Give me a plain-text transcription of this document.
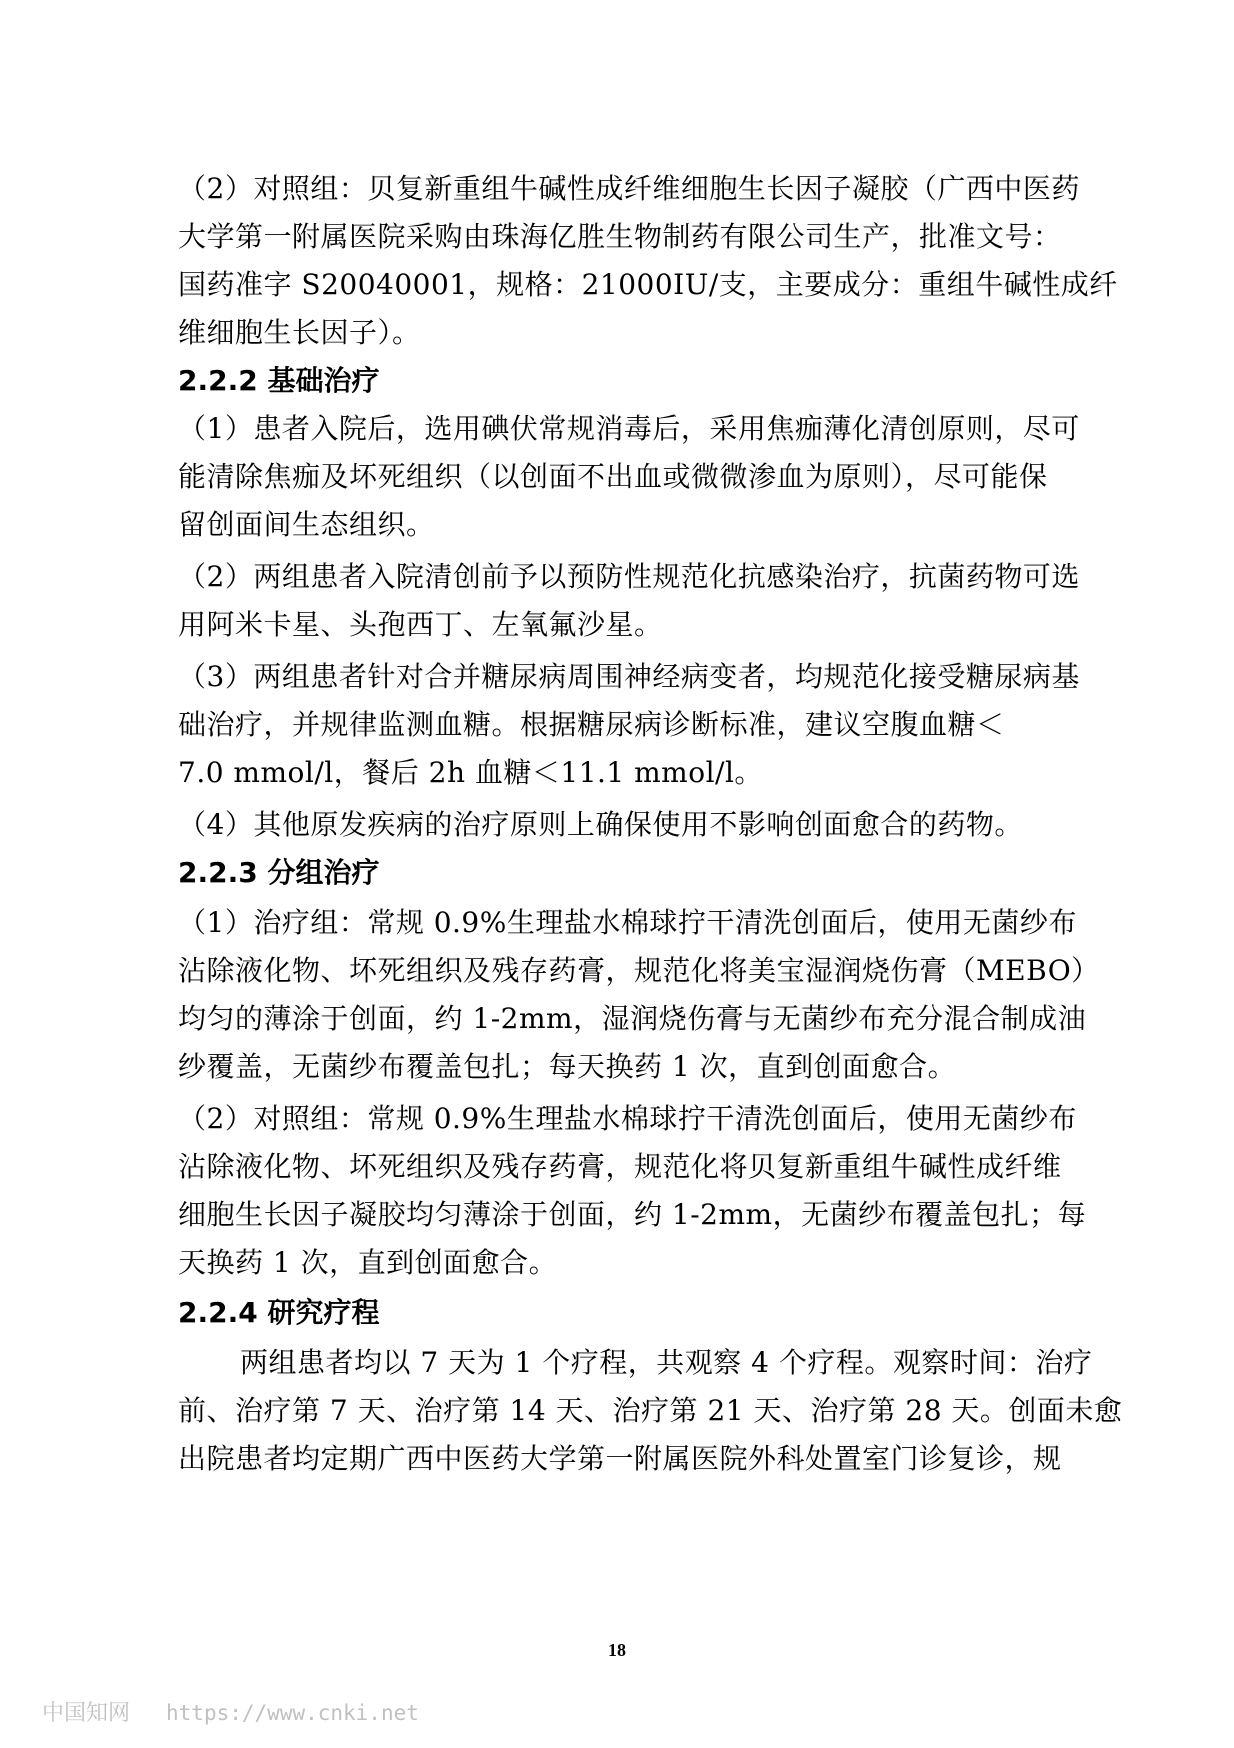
（2）对照组：贝复新重组牛碱性成纤维细胞生长因子凝胶（广西中医药
大学第一附属医院采购由珠海亿胜生物制药有限公司生产，批准文号：
国药准字 S20040001，规格：21000IU/支，主要成分：重组牛碱性成纤
维细胞生长因子）。
2.2.2 基础治疗
（1）患者入院后，选用碘伏常规消毒后，采用焦痂薄化清创原则，尽可
能清除焦痂及坏死组织（以创面不出血或微微渗血为原则），尽可能保
留创面间生态组织。
（2）两组患者入院清创前予以预防性规范化抗感染治疗，抗菌药物可选
用阿米卡星、头孢西丁、左氧氟沙星。
（3）两组患者针对合并糖尿病周围神经病变者，均规范化接受糖尿病基
础治疗，并规律监测血糖。根据糖尿病诊断标准，建议空腹血糖＜
7.0 mmol/l，餐后 2h 血糖＜11.1 mmol/l。
（4）其他原发疾病的治疗原则上确保使用不影响创面愈合的药物。
2.2.3 分组治疗
（1）治疗组：常规 0.9%生理盐水棉球拧干清洗创面后，使用无菌纱布
沾除液化物、坏死组织及残存药膏，规范化将美宝湿润烧伤膏（MEBO）
均匀的薄涂于创面，约 1-2mm，湿润烧伤膏与无菌纱布充分混合制成油
纱覆盖，无菌纱布覆盖包扎；每天换药 1 次，直到创面愈合。
（2）对照组：常规 0.9%生理盐水棉球拧干清洗创面后，使用无菌纱布
沾除液化物、坏死组织及残存药膏，规范化将贝复新重组牛碱性成纤维
细胞生长因子凝胶均匀薄涂于创面，约 1-2mm，无菌纱布覆盖包扎；每
天换药 1 次，直到创面愈合。
2.2.4 研究疗程
两组患者均以 7 天为 1 个疗程，共观察 4 个疗程。观察时间：治疗
前、治疗第 7 天、治疗第 14 天、治疗第 21 天、治疗第 28 天。创面未愈
出院患者均定期广西中医药大学第一附属医院外科处置室门诊复诊，规
18
中国知网 https://www.cnki.net
